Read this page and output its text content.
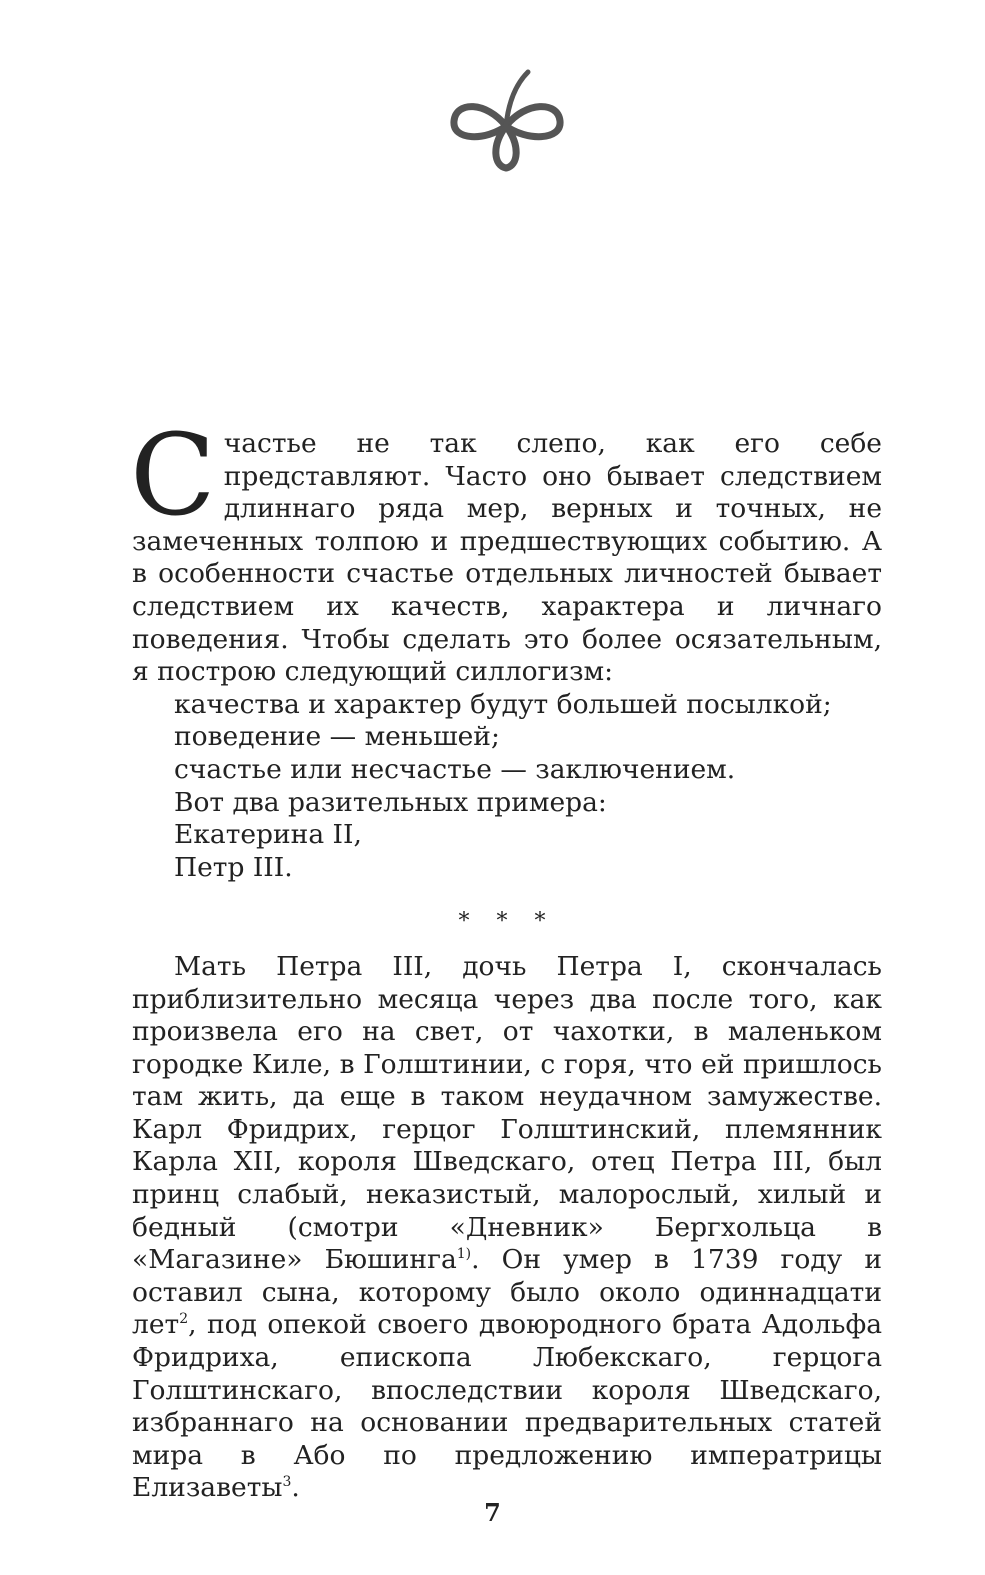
Счастье не так слепо, как его себе представляют. Часто оно бывает следствием длиннаго ряда мер, верных и точных, не замеченных толпою и предшествующих событию. А в особенности счастье отдельных личностей бывает следствием их качеств, характера и личнаго поведения. Чтобы сделать это более осязательным, я построю следующий силлогизм:

качества и характер будут большей посылкой;
поведение — меньшей;
счастье или несчастье — заключением.
Вот два разительных примера:
Екатерина II,
Петр III.
* * *

Мать Петра III, дочь Петра I, скончалась приблизительно месяца через два после того, как произвела его на свет, от чахотки, в маленьком городке Киле, в Голштинии, с горя, что ей пришлось там жить, да еще в таком неудачном замужестве. Карл Фридрих, герцог Голштинский, племянник Карла XII, короля Шведскаго, отец Петра III, был принц слабый, неказистый, малорослый, хилый и бедный (смотри «Дневник» Бергхольца в «Магазине» Бюшинга$^{1)}$. Он умер в 1739 году и оставил сына, которому было около одиннадцати лет$^2$, под опекой своего двоюродного брата Адольфа Фридриха, епископа Любекскаго, герцога Голштинскаго, впоследствии короля Шведскаго, избраннаго на основании предварительных статей мира в Або по предложению императрицы Елизаветы$^3$.

7
